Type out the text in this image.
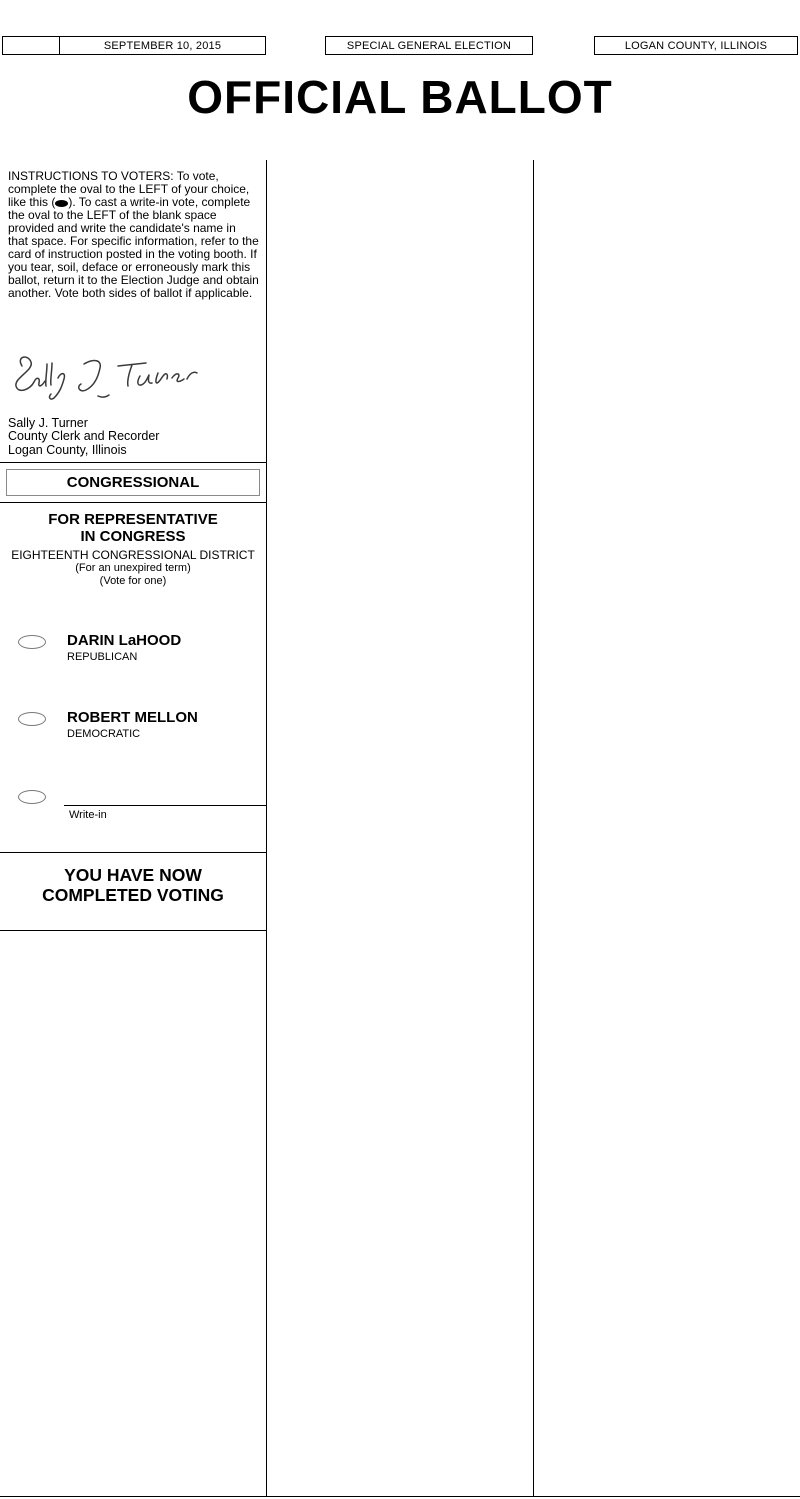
SEPTEMBER 10, 2015	SPECIAL GENERAL ELECTION	LOGAN COUNTY, ILLINOIS
OFFICIAL BALLOT
INSTRUCTIONS TO VOTERS: To vote, complete the oval to the LEFT of your choice, like this ( ). To cast a write-in vote, complete the oval to the LEFT of the blank space provided and write the candidate's name in that space. For specific information, refer to the card of instruction posted in the voting booth. If you tear, soil, deface or erroneously mark this ballot, return it to the Election Judge and obtain another. Vote both sides of ballot if applicable.
Sally J. Turner
County Clerk and Recorder
Logan County, Illinois
CONGRESSIONAL
FOR REPRESENTATIVE
IN CONGRESS
EIGHTEENTH CONGRESSIONAL DISTRICT
(For an unexpired term)
(Vote for one)
DARIN LaHOOD
REPUBLICAN
ROBERT MELLON
DEMOCRATIC
Write-in
YOU HAVE NOW
COMPLETED VOTING
